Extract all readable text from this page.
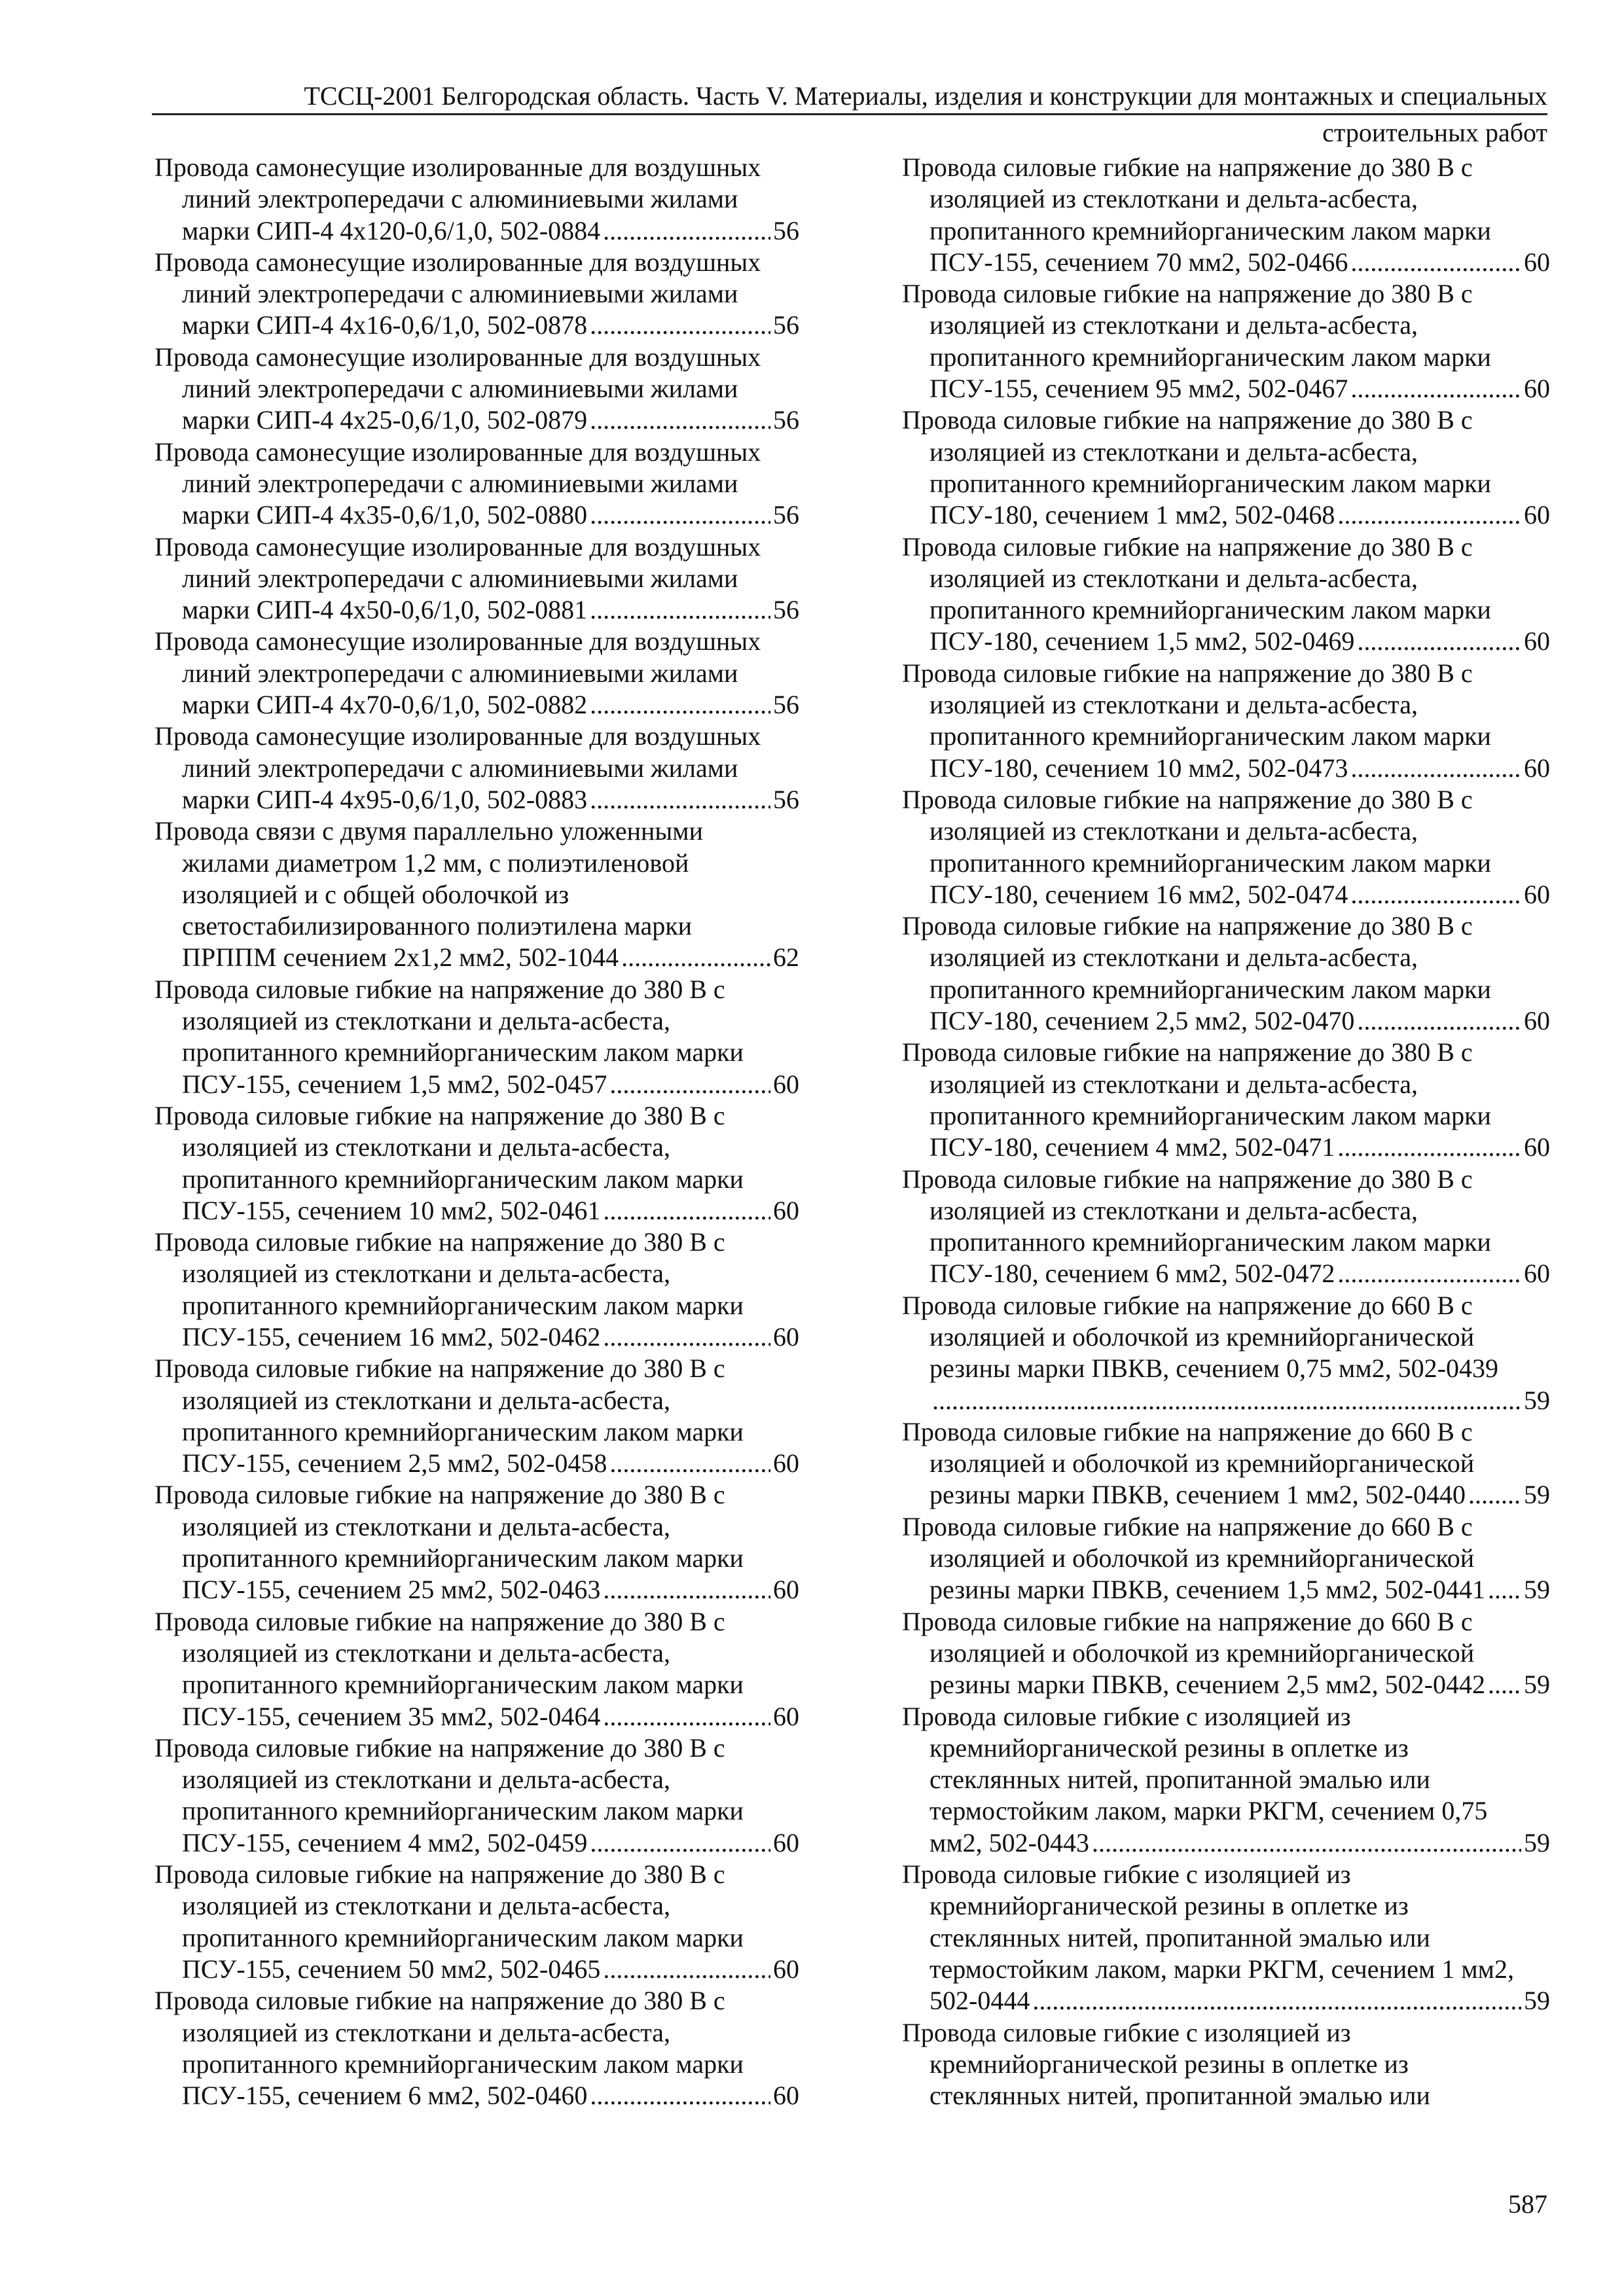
ТССЦ-2001 Белгородская область. Часть V. Материалы, изделия и конструкции для монтажных и специальных
строительных работ
Провода самонесущие изолированные для воздушных
линий электропередачи с алюминиевыми жилами
марки СИП-4 4х120-0,6/1,0, 502-0884 .....	56
Провода самонесущие изолированные для воздушных
линий электропередачи с алюминиевыми жилами
марки СИП-4 4х16-0,6/1,0, 502-0878 .....	56
Провода самонесущие изолированные для воздушных
линий электропередачи с алюминиевыми жилами
марки СИП-4 4х25-0,6/1,0, 502-0879 .....	56
Провода самонесущие изолированные для воздушных
линий электропередачи с алюминиевыми жилами
марки СИП-4 4х35-0,6/1,0, 502-0880 .....	56
Провода самонесущие изолированные для воздушных
линий электропередачи с алюминиевыми жилами
марки СИП-4 4х50-0,6/1,0, 502-0881 .....	56
Провода самонесущие изолированные для воздушных
линий электропередачи с алюминиевыми жилами
марки СИП-4 4х70-0,6/1,0, 502-0882 .....	56
Провода самонесущие изолированные для воздушных
линий электропередачи с алюминиевыми жилами
марки СИП-4 4х95-0,6/1,0, 502-0883 .....	56
Провода связи с двумя параллельно уложенными
жилами диаметром 1,2 мм, с полиэтиленовой
изоляцией и с общей оболочкой из
светостабилизированного полиэтилена марки
ПРППМ сечением 2х1,2 мм2, 502-1044 .....	62
Провода силовые гибкие на напряжение до 380 В с
изоляцией из стеклоткани и дельта-асбеста,
пропитанного кремнийорганическим лаком марки
ПСУ-155, сечением 1,5 мм2, 502-0457 .....	60
Провода силовые гибкие на напряжение до 380 В с
изоляцией из стеклоткани и дельта-асбеста,
пропитанного кремнийорганическим лаком марки
ПСУ-155, сечением 10 мм2, 502-0461 .....	60
Провода силовые гибкие на напряжение до 380 В с
изоляцией из стеклоткани и дельта-асбеста,
пропитанного кремнийорганическим лаком марки
ПСУ-155, сечением 16 мм2, 502-0462 .....	60
Провода силовые гибкие на напряжение до 380 В с
изоляцией из стеклоткани и дельта-асбеста,
пропитанного кремнийорганическим лаком марки
ПСУ-155, сечением 2,5 мм2, 502-0458 .....	60
Провода силовые гибкие на напряжение до 380 В с
изоляцией из стеклоткани и дельта-асбеста,
пропитанного кремнийорганическим лаком марки
ПСУ-155, сечением 25 мм2, 502-0463 .....	60
Провода силовые гибкие на напряжение до 380 В с
изоляцией из стеклоткани и дельта-асбеста,
пропитанного кремнийорганическим лаком марки
ПСУ-155, сечением 35 мм2, 502-0464 .....	60
Провода силовые гибкие на напряжение до 380 В с
изоляцией из стеклоткани и дельта-асбеста,
пропитанного кремнийорганическим лаком марки
ПСУ-155, сечением 4 мм2, 502-0459 .....	60
Провода силовые гибкие на напряжение до 380 В с
изоляцией из стеклоткани и дельта-асбеста,
пропитанного кремнийорганическим лаком марки
ПСУ-155, сечением 50 мм2, 502-0465 .....	60
Провода силовые гибкие на напряжение до 380 В с
изоляцией из стеклоткани и дельта-асбеста,
пропитанного кремнийорганическим лаком марки
ПСУ-155, сечением 6 мм2, 502-0460 .....	60
Провода силовые гибкие на напряжение до 380 В с
изоляцией из стеклоткани и дельта-асбеста,
пропитанного кремнийорганическим лаком марки
ПСУ-155, сечением 70 мм2, 502-0466 .....	60
Провода силовые гибкие на напряжение до 380 В с
изоляцией из стеклоткани и дельта-асбеста,
пропитанного кремнийорганическим лаком марки
ПСУ-155, сечением 95 мм2, 502-0467 .....	60
Провода силовые гибкие на напряжение до 380 В с
изоляцией из стеклоткани и дельта-асбеста,
пропитанного кремнийорганическим лаком марки
ПСУ-180, сечением 1 мм2, 502-0468 .....	60
Провода силовые гибкие на напряжение до 380 В с
изоляцией из стеклоткани и дельта-асбеста,
пропитанного кремнийорганическим лаком марки
ПСУ-180, сечением 1,5 мм2, 502-0469 .....	60
Провода силовые гибкие на напряжение до 380 В с
изоляцией из стеклоткани и дельта-асбеста,
пропитанного кремнийорганическим лаком марки
ПСУ-180, сечением 10 мм2, 502-0473 .....	60
Провода силовые гибкие на напряжение до 380 В с
изоляцией из стеклоткани и дельта-асбеста,
пропитанного кремнийорганическим лаком марки
ПСУ-180, сечением 16 мм2, 502-0474 .....	60
Провода силовые гибкие на напряжение до 380 В с
изоляцией из стеклоткани и дельта-асбеста,
пропитанного кремнийорганическим лаком марки
ПСУ-180, сечением 2,5 мм2, 502-0470 .....	60
Провода силовые гибкие на напряжение до 380 В с
изоляцией из стеклоткани и дельта-асбеста,
пропитанного кремнийорганическим лаком марки
ПСУ-180, сечением 4 мм2, 502-0471 .....	60
Провода силовые гибкие на напряжение до 380 В с
изоляцией из стеклоткани и дельта-асбеста,
пропитанного кремнийорганическим лаком марки
ПСУ-180, сечением 6 мм2, 502-0472 .....	60
Провода силовые гибкие на напряжение до 660 В с
изоляцией и оболочкой из кремнийорганической
резины марки ПВКВ, сечением 0,75 мм2, 502-0439
.....
59
Провода силовые гибкие на напряжение до 660 В с
изоляцией и оболочкой из кремнийорганической
резины марки ПВКВ, сечением 1 мм2, 502-0440 ..... 59
Провода силовые гибкие на напряжение до 660 В с
изоляцией и оболочкой из кремнийорганической
резины марки ПВКВ, сечением 1,5 мм2, 502-0441 ..... 59
Провода силовые гибкие на напряжение до 660 В с
изоляцией и оболочкой из кремнийорганической
резины марки ПВКВ, сечением 2,5 мм2, 502-0442 ..... 59
Провода силовые гибкие с изоляцией из
кремнийорганической резины в оплетке из
стеклянных нитей, пропитанной эмалью или
термостойким лаком, марки РКГМ, сечением 0,75
мм2, 502-0443 .....	59
Провода силовые гибкие с изоляцией из
кремнийорганической резины в оплетке из
стеклянных нитей, пропитанной эмалью или
термостойким лаком, марки РКГМ, сечением 1 мм2,
502-0444 .....	59
Провода силовые гибкие с изоляцией из
кремнийорганической резины в оплетке из
стеклянных нитей, пропитанной эмалью или
587
